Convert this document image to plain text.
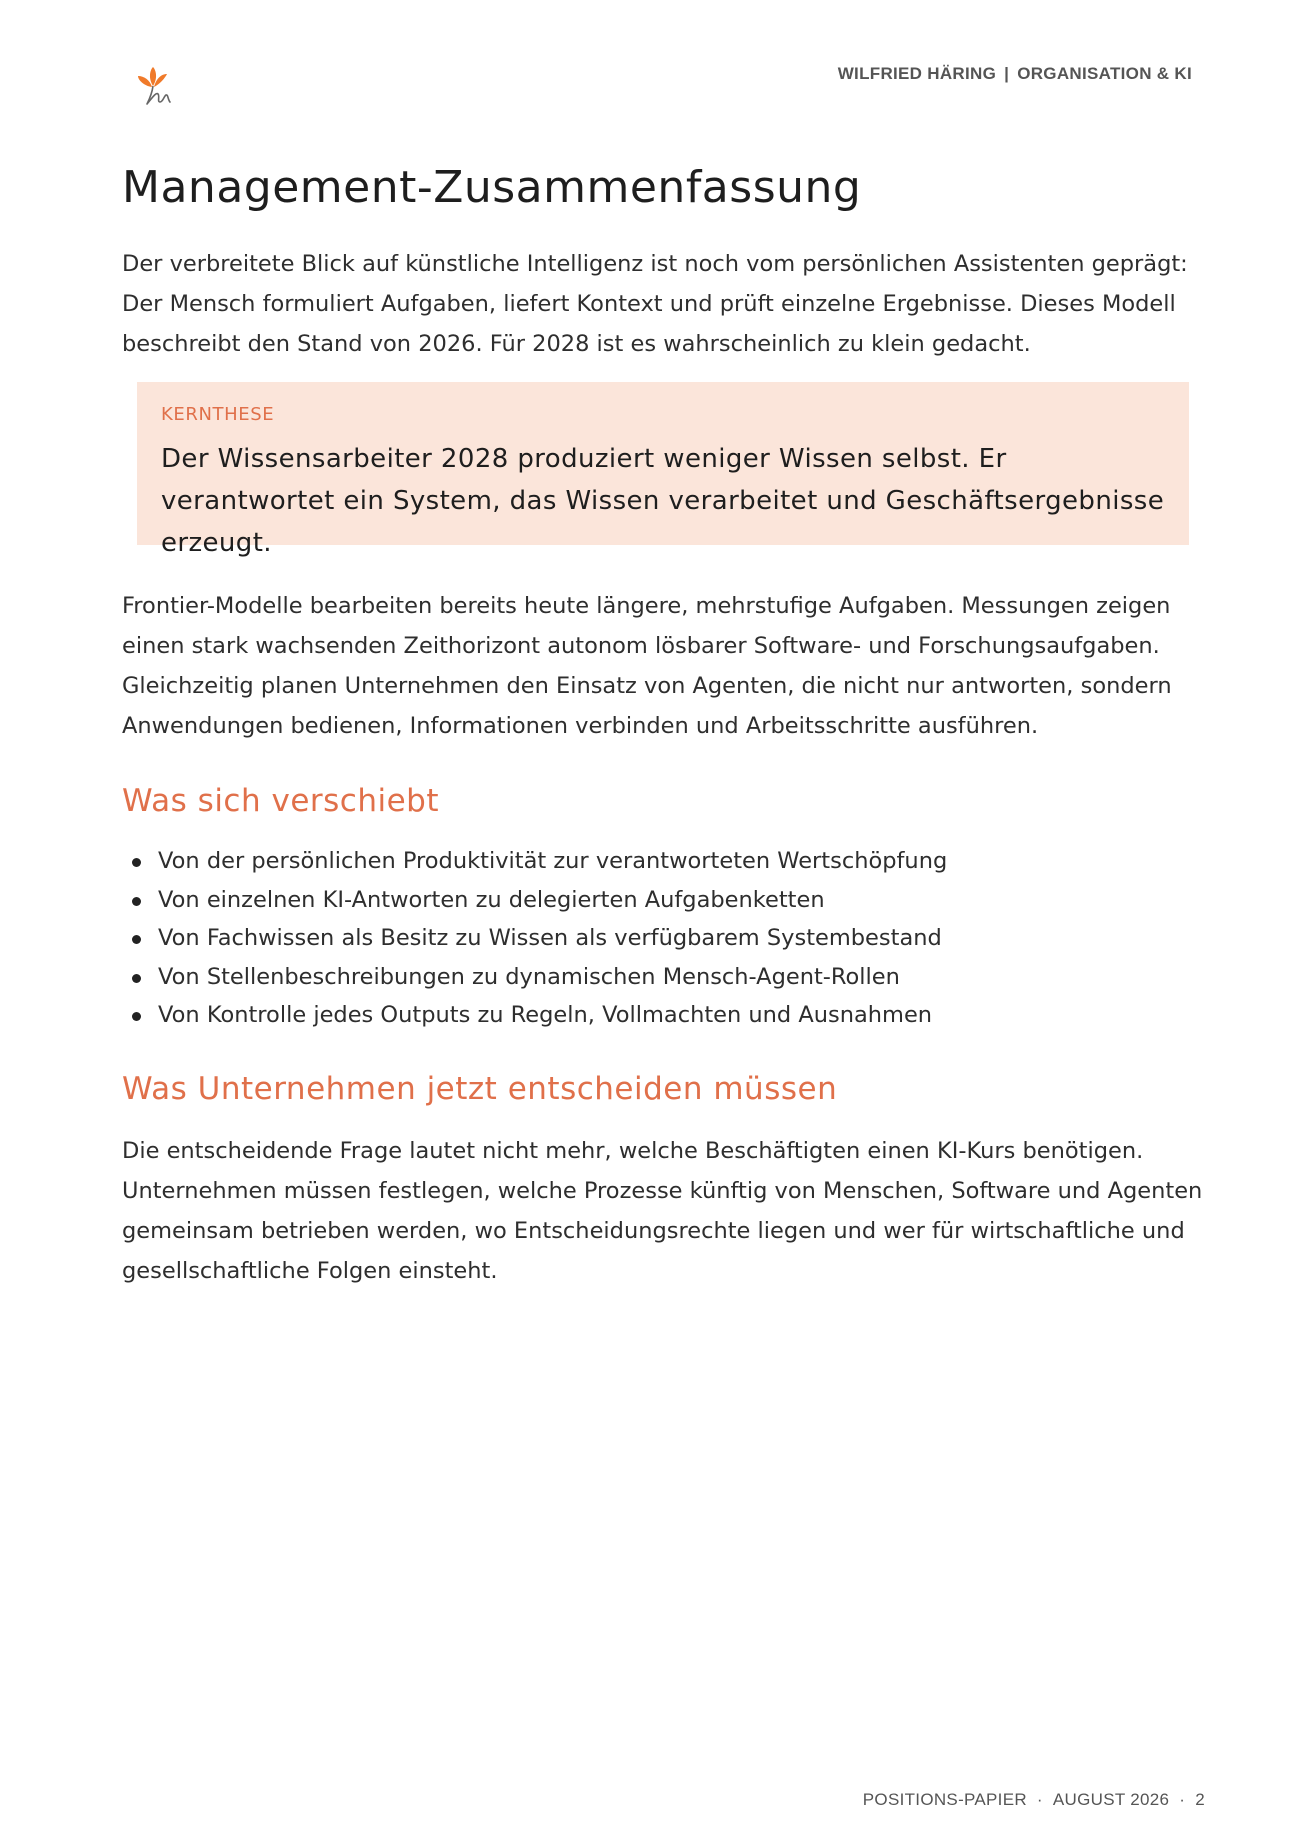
WILFRIED HÄRING | ORGANISATION & KI
Management-Zusammenfassung

Der verbreitete Blick auf künstliche Intelligenz ist noch vom persönlichen Assistenten geprägt: Der Mensch formuliert Aufgaben, liefert Kontext und prüft einzelne Ergebnisse. Dieses Modell beschreibt den Stand von 2026. Für 2028 ist es wahrscheinlich zu klein gedacht.

KERNTHESE

Der Wissensarbeiter 2028 produziert weniger Wissen selbst. Er verantwortet ein System, das Wissen verarbeitet und Geschäftsergebnisse erzeugt.

Frontier-Modelle bearbeiten bereits heute längere, mehrstufige Aufgaben. Messungen zeigen einen stark wachsenden Zeithorizont autonom lösbarer Software- und Forschungsaufgaben. Gleichzeitig planen Unternehmen den Einsatz von Agenten, die nicht nur antworten, sondern Anwendungen bedienen, Informationen verbinden und Arbeitsschritte ausführen.

Was sich verschiebt
Von der persönlichen Produktivität zur verantworteten Wertschöpfung
Von einzelnen KI-Antworten zu delegierten Aufgabenketten
Von Fachwissen als Besitz zu Wissen als verfügbarem Systembestand
Von Stellenbeschreibungen zu dynamischen Mensch-Agent-Rollen
Von Kontrolle jedes Outputs zu Regeln, Vollmachten und Ausnahmen
Was Unternehmen jetzt entscheiden müssen

Die entscheidende Frage lautet nicht mehr, welche Beschäftigten einen KI-Kurs benötigen. Unternehmen müssen festlegen, welche Prozesse künftig von Menschen, Software und Agenten gemeinsam betrieben werden, wo Entscheidungsrechte liegen und wer für wirtschaftliche und gesellschaftliche Folgen einsteht.

POSITIONS-PAPIER · AUGUST 2026 · 2
